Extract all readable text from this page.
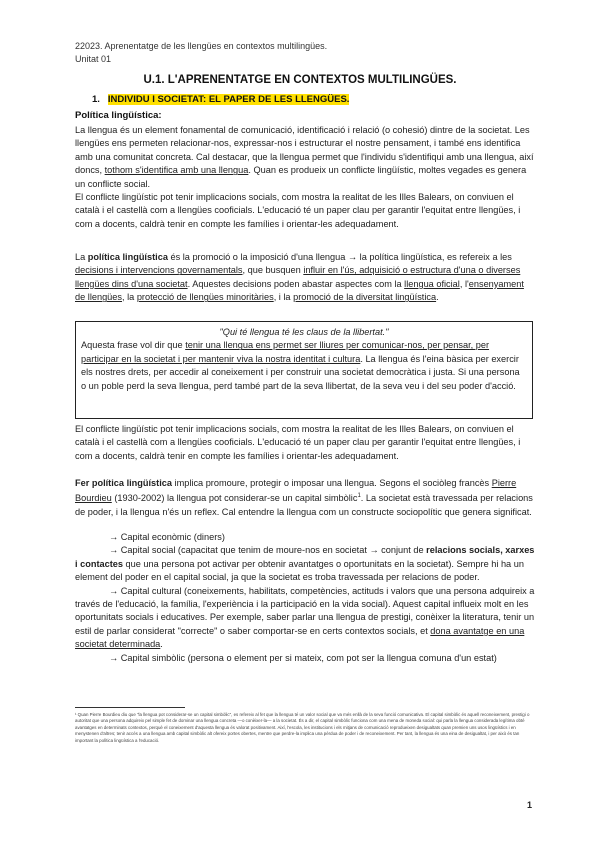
22023. Aprenentatge de les llengües en contextos multilingües.
Unitat 01
U.1. L'APRENENTATGE EN CONTEXTOS MULTILINGÜES.
1. INDIVIDU I SOCIETAT: EL PAPER DE LES LLENGÜES.
Política lingüística:

La llengua és un element fonamental de comunicació, identificació i relació (o cohesió) dintre de la societat. Les llengües ens permeten relacionar-nos, expressar-nos i estructurar el nostre pensament, i també ens identifica amb una comunitat concreta. Cal destacar, que la llengua permet que l'individu s'identifiqui amb una llengua, així doncs, tothom s'identifica amb una llengua. Quan es produeix un conflicte lingüístic, moltes vegades es genera un conflicte social.

El conflicte lingüístic pot tenir implicacions socials, com mostra la realitat de les Illes Balears, on conviuen el català i el castellà com a llengües cooficials. L'educació té un paper clau per garantir l'equitat entre llengües, i com a docents, caldrà tenir en compte les famílies i orientar-les adequadament.

La política lingüística és la promoció o la imposició d'una llengua → la política lingüística, es refereix a les decisions i intervencions governamentals, que busquen influir en l'ús, adquisició o estructura d'una o diverses llengües dins d'una societat. Aquestes decisions poden abastar aspectes com la llengua oficial, l'ensenyament de llengües, la protecció de llengües minoritàries, i la promoció de la diversitat lingüística.

"Qui té llengua té les claus de la llibertat."
Aquesta frase vol dir que tenir una llengua ens permet ser lliures per comunicar-nos, per pensar, per participar en la societat i per mantenir viva la nostra identitat i cultura. La llengua és l'eina bàsica per exercir els nostres drets, per accedir al coneixement i per construir una societat democràtica i justa. Si una persona o un poble perd la seva llengua, perd també part de la seva llibertat, de la seva veu i del seu poder d'acció.
El conflicte lingüístic pot tenir implicacions socials, com mostra la realitat de les Illes Balears, on conviuen el català i el castellà com a llengües cooficials. L'educació té un paper clau per garantir l'equitat entre llengües, i com a docents, caldrà tenir en compte les famílies i orientar-les adequadament.

Fer política lingüística implica promoure, protegir o imposar una llengua. Segons el sociòleg francès Pierre Bourdieu (1930-2002) la llengua pot considerar-se un capital simbòlic$^1$. La societat està travessada per relacions de poder, i la llengua n'és un reflex. Cal entendre la llengua com un constructe sociopolític que genera significat.

→ Capital econòmic (diners)

→ Capital social (capacitat que tenim de moure-nos en societat → conjunt de relacions socials, xarxes i contactes que una persona pot activar per obtenir avantatges o oportunitats en la societat). Sempre hi ha un element del poder en el capital social, ja que la societat es troba travessada per relacions de poder.

→ Capital cultural (coneixements, habilitats, competències, actituds i valors que una persona adquireix a través de l'educació, la família, l'experiència i la participació en la vida social). Aquest capital influeix molt en les oportunitats socials i educatives. Per exemple, saber parlar una llengua de prestigi, conèixer la literatura, tenir un estil de parlar considerat "correcte" o saber comportar-se en certs contextos socials, et dona avantatge en una societat determinada.

→ Capital simbòlic (persona o element per si mateix, com pot ser la llengua comuna d'un estat)

¹ Quan Pierre Bourdieu diu que "la llengua pot considerar-se un capital simbòlic", es refereix al fet que la llengua té un valor social que va més enllà de la seva funció comunicativa. El capital simbòlic és aquell reconeixement, prestigi o autoritat que una persona adquireix pel simple fet de dominar una llengua concreta —o conèixer-la— a la societat. És a dir, el capital simbòlic funciona com una mena de moneda social: qui parla la llengua considerada legítima obté avantatges en determinats contextos, perquè el coneixement d'aquesta llengua és valorat positivament. Així, l'escola, les institucions i els mitjans de comunicació reprodueixen desigualtats quan premien uns usos lingüístics i en menystenen d'altres; tenir accés a una llengua amb capital simbòlic alt ofereix portes obertes, mentre que perdre-la implica una pèrdua de poder i de reconeixement. Per tant, la llengua és una eina de desigualtat, i per això és tan important la política lingüística a l'educació.
1
